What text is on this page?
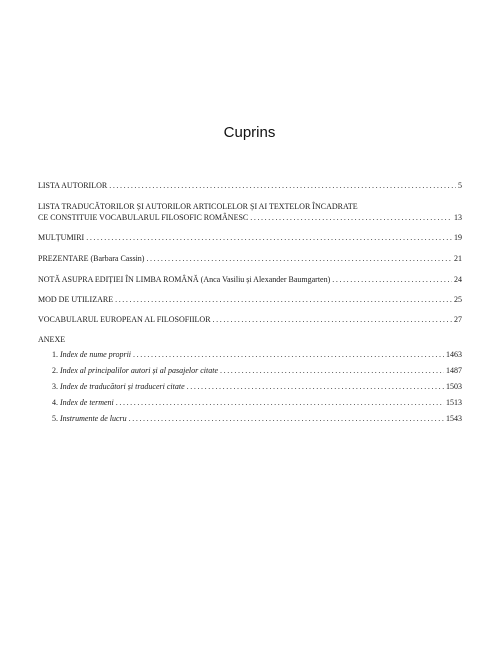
Cuprins
LISTA AUTORILOR .....	5
LISTA TRADUCĂTORILOR ȘI AUTORILOR ARTICOLELOR ȘI AI TEXTELOR ÎNCADRATE
CE CONSTITUIE VOCABULARUL FILOSOFIC ROMÂNESC .....	13
MULȚUMIRI .....	19
PREZENTARE (Barbara Cassin) .....	21
NOTĂ ASUPRA EDIȚIEI ÎN LIMBA ROMÂNĂ (Anca Vasiliu și Alexander Baumgarten) .....	24
MOD DE UTILIZARE .....	25
VOCABULARUL EUROPEAN AL FILOSOFIILOR .....	27
ANEXE
1. Index de nume proprii .....	1463
2. Index al principalilor autori și al pasajelor citate .....	1487
3. Index de traducători și traduceri citate .....	1503
4. Index de termeni .....	1513
5. Instrumente de lucru .....	1543
